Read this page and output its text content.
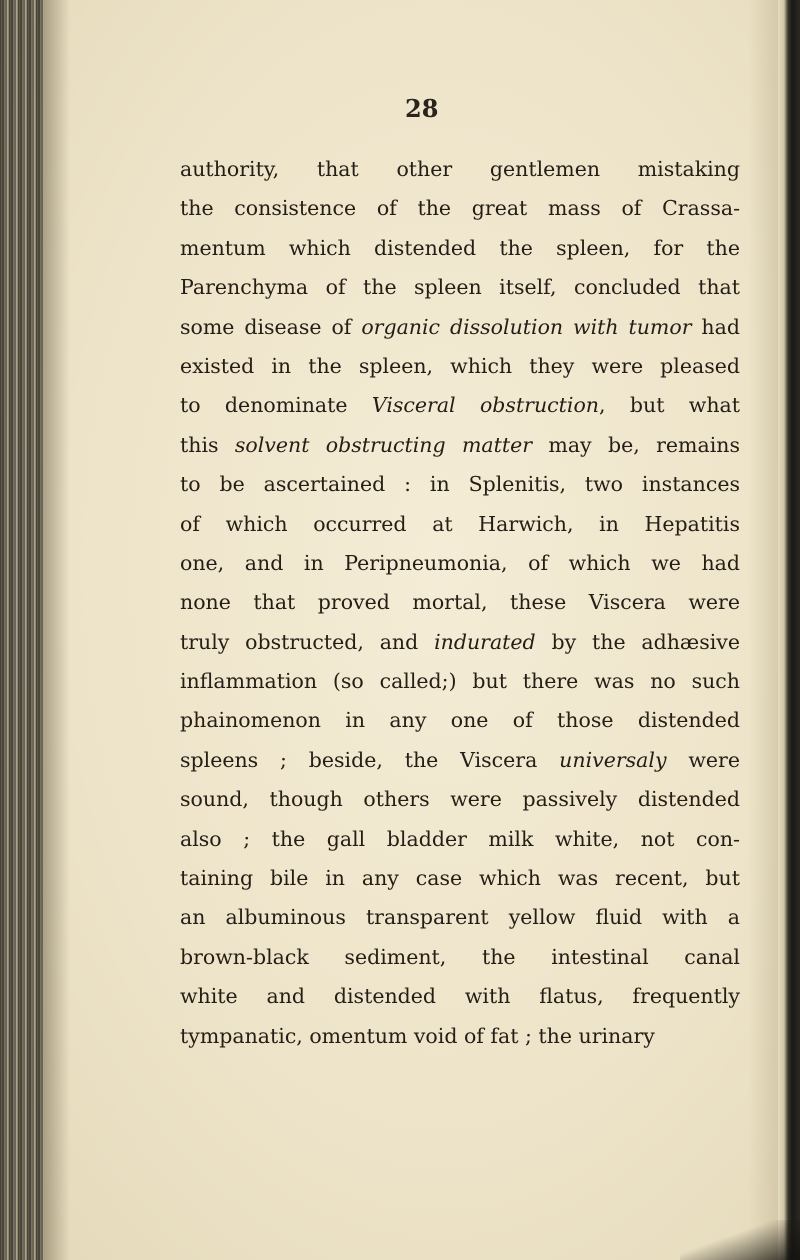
28
authority, that other gentlemen mistaking
the consistence of the great mass of Crassa-
mentum which distended the spleen, for the
Parenchyma of the spleen itself, concluded that
some disease of organic dissolution with tumor had
existed in the spleen, which they were pleased
to denominate Visceral obstruction, but what
this solvent obstructing matter may be, remains
to be ascertained : in Splenitis, two instances
of which occurred at Harwich, in Hepatitis
one, and in Peripneumonia, of which we had
none that proved mortal, these Viscera were
truly obstructed, and indurated by the adhæsive
inflammation (so called;) but there was no such
phainomenon in any one of those distended
spleens ; beside, the Viscera universaly were
sound, though others were passively distended
also ; the gall bladder milk white, not con-
taining bile in any case which was recent, but
an albuminous transparent yellow fluid with a
brown-black sediment, the intestinal canal
white and distended with flatus, frequently
tympanatic, omentum void of fat ; the urinary
